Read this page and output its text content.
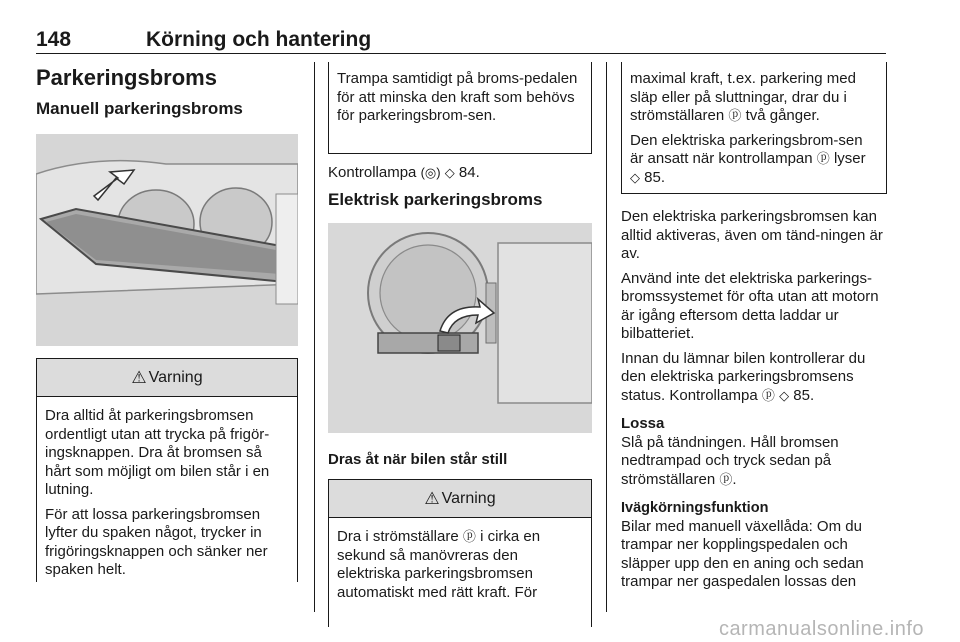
148	Körning och hantering
Parkeringsbroms
Manuell parkeringsbroms
⚠ Varning

Dra alltid åt parkeringsbromsen ordentligt utan att trycka på frigör-ingsknappen. Dra åt bromsen så hårt som möjligt om bilen står i en lutning.

För att lossa parkeringsbromsen lyfter du spaken något, trycker in frigöringsknappen och sänker ner spaken helt.

Trampa samtidigt på broms-pedalen för att minska den kraft som behövs för parkeringsbrom-sen.

Kontrollampa (◎) ◇ 84.

Elektrisk parkeringsbroms

Dras åt när bilen står still

⚠ Varning

Dra i strömställare ⓟ i cirka en sekund så manövreras den elektriska parkeringsbromsen automatiskt med rätt kraft. För

maximal kraft, t.ex. parkering med släp eller på sluttningar, drar du i strömställaren ⓟ två gånger.

Den elektriska parkeringsbrom-sen är ansatt när kontrollampan ⓟ lyser ◇ 85.

Den elektriska parkeringsbromsen kan alltid aktiveras, även om tänd-ningen är av.

Använd inte det elektriska parkerings-bromssystemet för ofta utan att motorn är igång eftersom detta laddar ur bilbatteriet.

Innan du lämnar bilen kontrollerar du den elektriska parkeringsbromsens status. Kontrollampa ⓟ ◇ 85.

Lossa

Slå på tändningen. Håll bromsen nedtrampad och tryck sedan på strömställaren ⓟ.

Ivägkörningsfunktion

Bilar med manuell växellåda: Om du trampar ner kopplingspedalen och släpper upp den en aning och sedan trampar ner gaspedalen lossas den

carmanualsonline.info
